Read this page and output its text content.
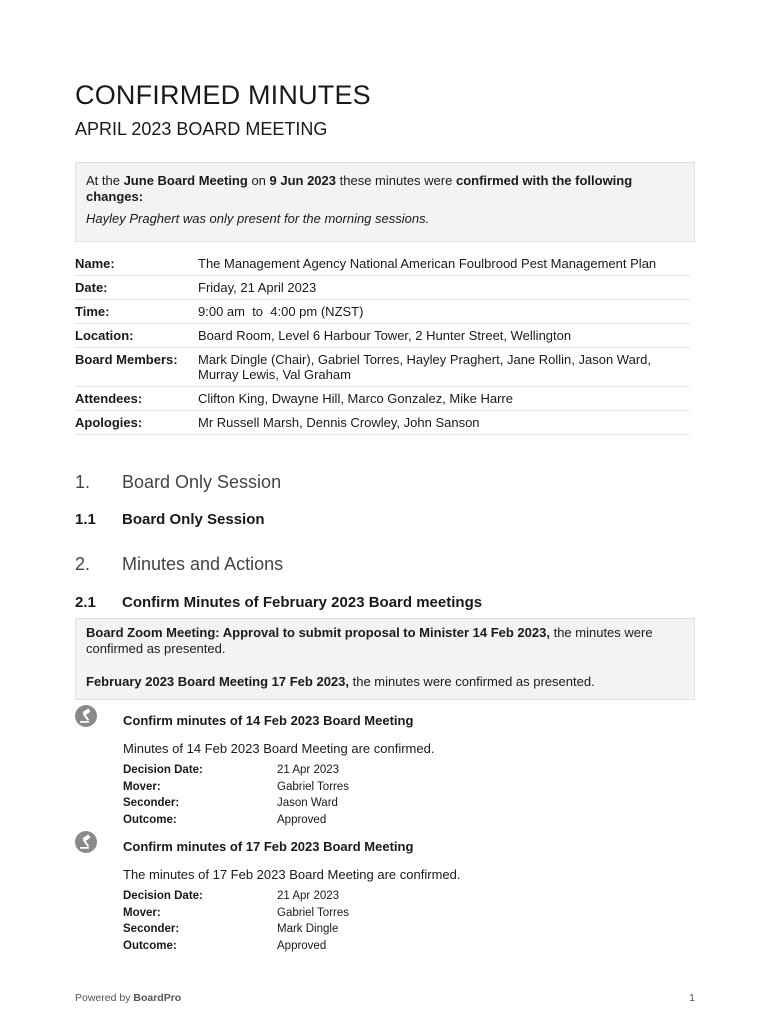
CONFIRMED MINUTES
APRIL 2023 BOARD MEETING
At the June Board Meeting on 9 Jun 2023 these minutes were confirmed with the following changes:
Hayley Praghert was only present for the morning sessions.
Name:	The Management Agency National American Foulbrood Pest Management Plan
Date:	Friday, 21 April 2023
Time:	9:00 am  to  4:00 pm (NZST)
Location:	Board Room, Level 6 Harbour Tower, 2 Hunter Street, Wellington
Board Members:	Mark Dingle (Chair), Gabriel Torres, Hayley Praghert, Jane Rollin, Jason Ward, Murray Lewis, Val Graham
Attendees:	Clifton King, Dwayne Hill, Marco Gonzalez, Mike Harre
Apologies:	Mr Russell Marsh, Dennis Crowley, John Sanson
1. Board Only Session
1.1 Board Only Session
2. Minutes and Actions
2.1 Confirm Minutes of February 2023 Board meetings

Board Zoom Meeting: Approval to submit proposal to Minister 14 Feb 2023, the minutes were confirmed as presented.

February 2023 Board Meeting 17 Feb 2023, the minutes were confirmed as presented.

Confirm minutes of 14 Feb 2023 Board Meeting
Minutes of 14 Feb 2023 Board Meeting are confirmed.
Decision Date:	21 Apr 2023
Mover:	Gabriel Torres
Seconder:	Jason Ward
Outcome:	Approved
Confirm minutes of 17 Feb 2023 Board Meeting
The minutes of 17 Feb 2023 Board Meeting are confirmed.
Decision Date:	21 Apr 2023
Mover:	Gabriel Torres
Seconder:	Mark Dingle
Outcome:	Approved
Powered by BoardPro	1
